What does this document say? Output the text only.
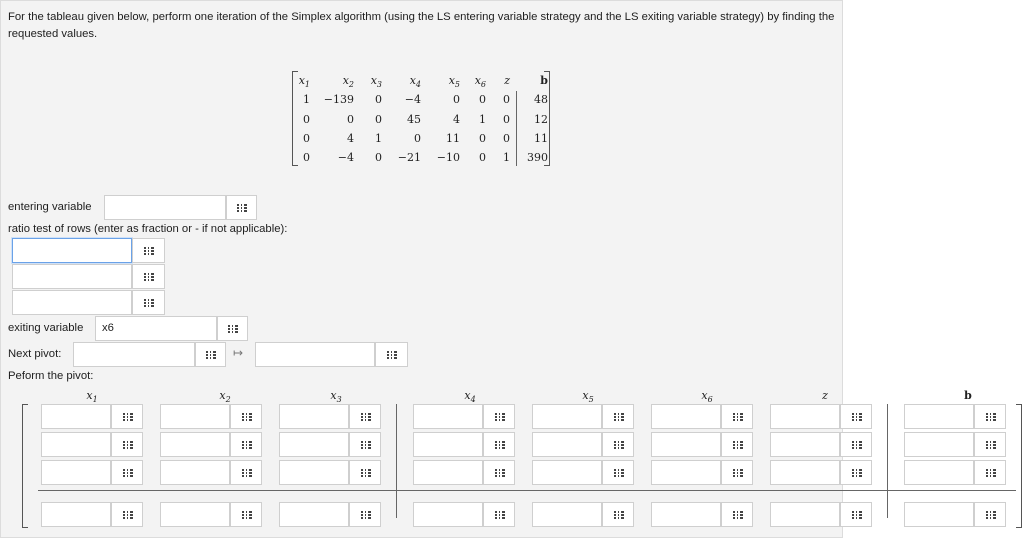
For the tableau given below, perform one iteration of the Simplex algorithm (using the LS entering variable strategy and the LS exiting variable strategy) by finding the requested values.
$x_1$	$x_2$	$x_3$	$x_4$	$x_5$	$x_6$	z	b
1	−139	0	−4	0	0	0	48
0	0	0	45	4	1	0	12
0	4	1	0	11	0	0	11
0	−4	0	−21	−10	0	1	390
entering variable
ratio test of rows (enter as fraction or - if not applicable):
exiting variable	x6
Next pivot:	↦
Peform the pivot:
$x_1$	$x_2$	$x_3$	$x_4$	$x_5$	$x_6$	z	b
